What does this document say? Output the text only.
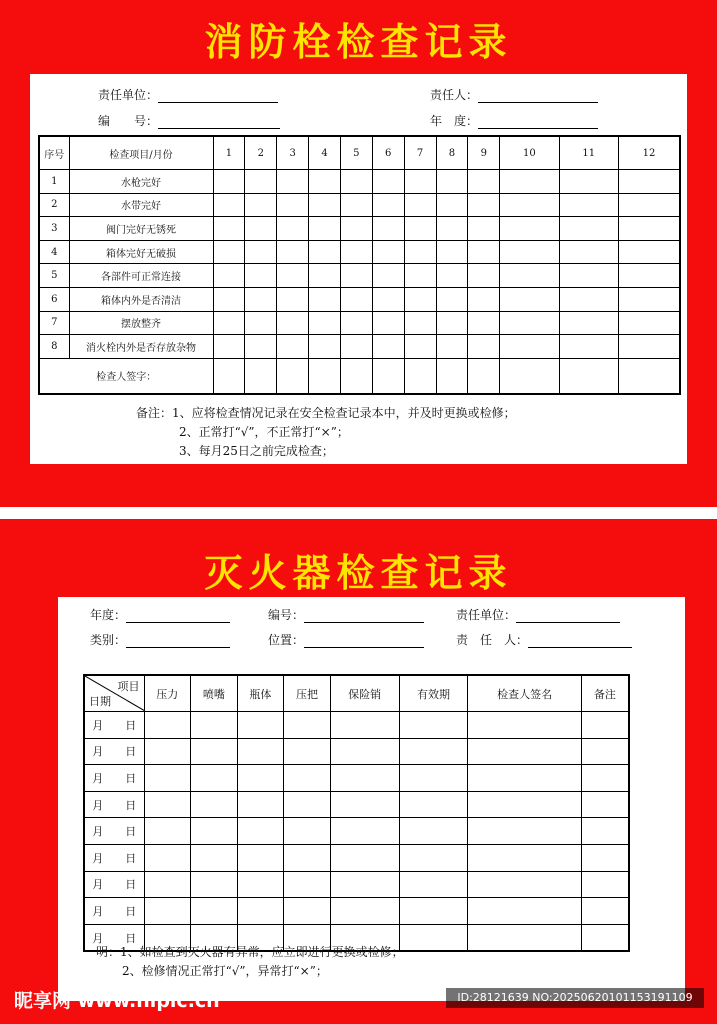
消防栓检查记录
责任单位：	责任人：
编　　号：	年　度：
序号	检查项目/月份	1	2	3	4	5	6	7	8	9	10	11	12
1	水枪完好												
2	水带完好												
3	阀门完好无锈死												
4	箱体完好无破损												
5	各部件可正常连接												
6	箱体内外是否清洁												
7	摆放整齐												
8	消火栓内外是否存放杂物												
检查人签字：													
备注：1、应将检查情况记录在安全检查记录本中，并及时更换或检修；
2、正常打“√”，不正常打“×”；
3、每月25日之前完成检查；
灭火器检查记录
年度：	编号：	责任单位：
类别：	位置：	责　任　人：
项目
日期	压力	喷嘴	瓶体	压把	保险销	有效期	检查人签名	备注
月　　日								
月　　日								
月　　日								
月　　日								
月　　日								
月　　日								
月　　日								
月　　日								
月　　日								
明：1、如检查到灭火器有异常，应立即进行更换或检修；
2、检修情况正常打“√”，异常打“×”；
昵享网 www.nipic.cn	ID:28121639 NO:20250620101153191109
